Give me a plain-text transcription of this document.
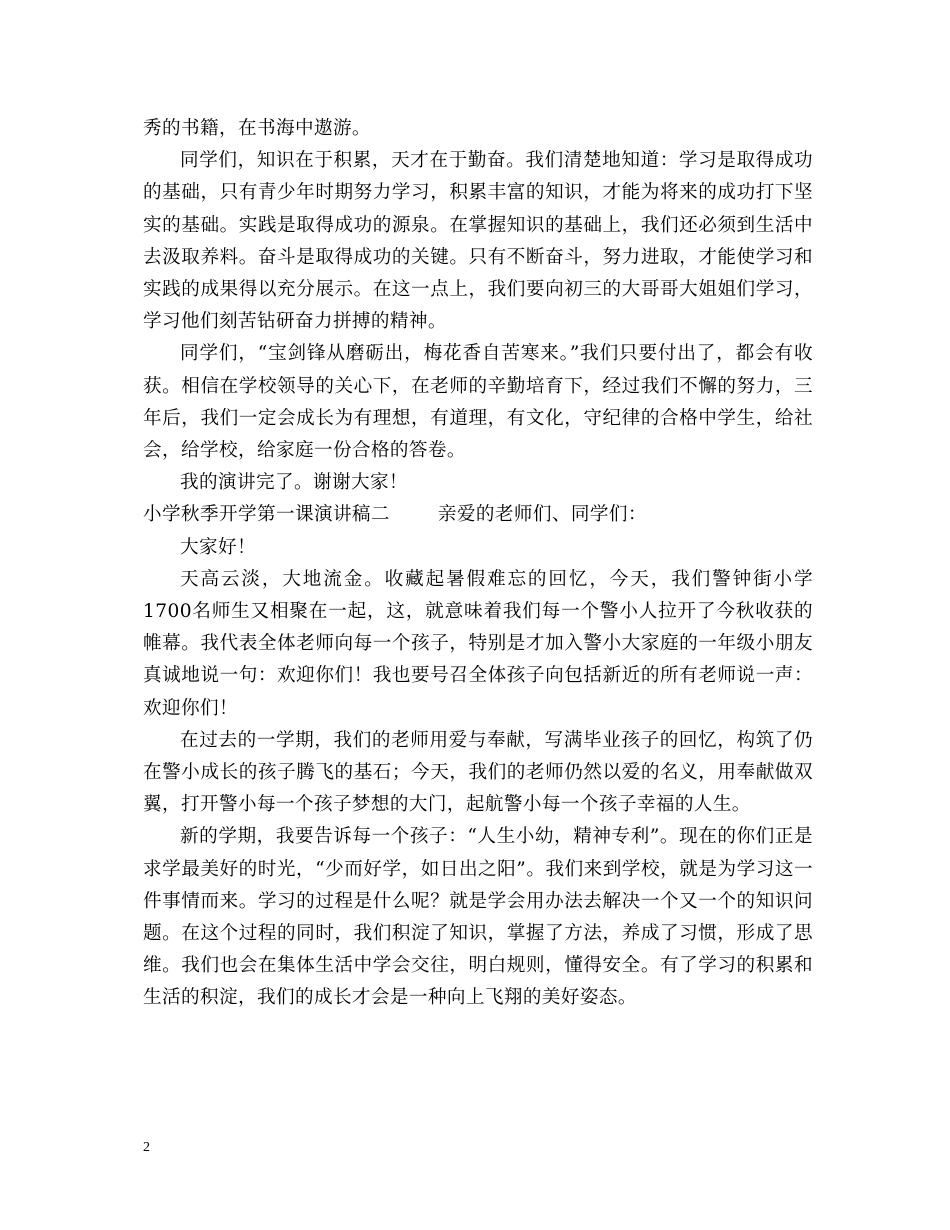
秀的书籍，在书海中遨游。

同学们，知识在于积累，天才在于勤奋。我们清楚地知道：学习是取得成功的基础，只有青少年时期努力学习，积累丰富的知识，才能为将来的成功打下坚实的基础。实践是取得成功的源泉。在掌握知识的基础上，我们还必须到生活中去汲取养料。奋斗是取得成功的关键。只有不断奋斗，努力进取，才能使学习和实践的成果得以充分展示。在这一点上，我们要向初三的大哥哥大姐姐们学习，学习他们刻苦钻研奋力拼搏的精神。

同学们，“宝剑锋从磨砺出，梅花香自苦寒来。”我们只要付出了，都会有收获。相信在学校领导的关心下，在老师的辛勤培育下，经过我们不懈的努力，三年后，我们一定会成长为有理想，有道理，有文化，守纪律的合格中学生，给社会，给学校，给家庭一份合格的答卷。

我的演讲完了。谢谢大家！

小学秋季开学第一课演讲稿二	亲爱的老师们、同学们：

大家好！

天高云淡，大地流金。收藏起暑假难忘的回忆，今天，我们警钟街小学1700名师生又相聚在一起，这，就意味着我们每一个警小人拉开了今秋收获的帷幕。我代表全体老师向每一个孩子，特别是才加入警小大家庭的一年级小朋友真诚地说一句：欢迎你们！我也要号召全体孩子向包括新近的所有老师说一声：欢迎你们！

在过去的一学期，我们的老师用爱与奉献，写满毕业孩子的回忆，构筑了仍在警小成长的孩子腾飞的基石；今天，我们的老师仍然以爱的名义，用奉献做双翼，打开警小每一个孩子梦想的大门，起航警小每一个孩子幸福的人生。

新的学期，我要告诉每一个孩子：“人生小幼，精神专利”。现在的你们正是求学最美好的时光，“少而好学，如日出之阳”。我们来到学校，就是为学习这一件事情而来。学习的过程是什么呢？就是学会用办法去解决一个又一个的知识问题。在这个过程的同时，我们积淀了知识，掌握了方法，养成了习惯，形成了思维。我们也会在集体生活中学会交往，明白规则，懂得安全。有了学习的积累和生活的积淀，我们的成长才会是一种向上飞翔的美好姿态。

2
